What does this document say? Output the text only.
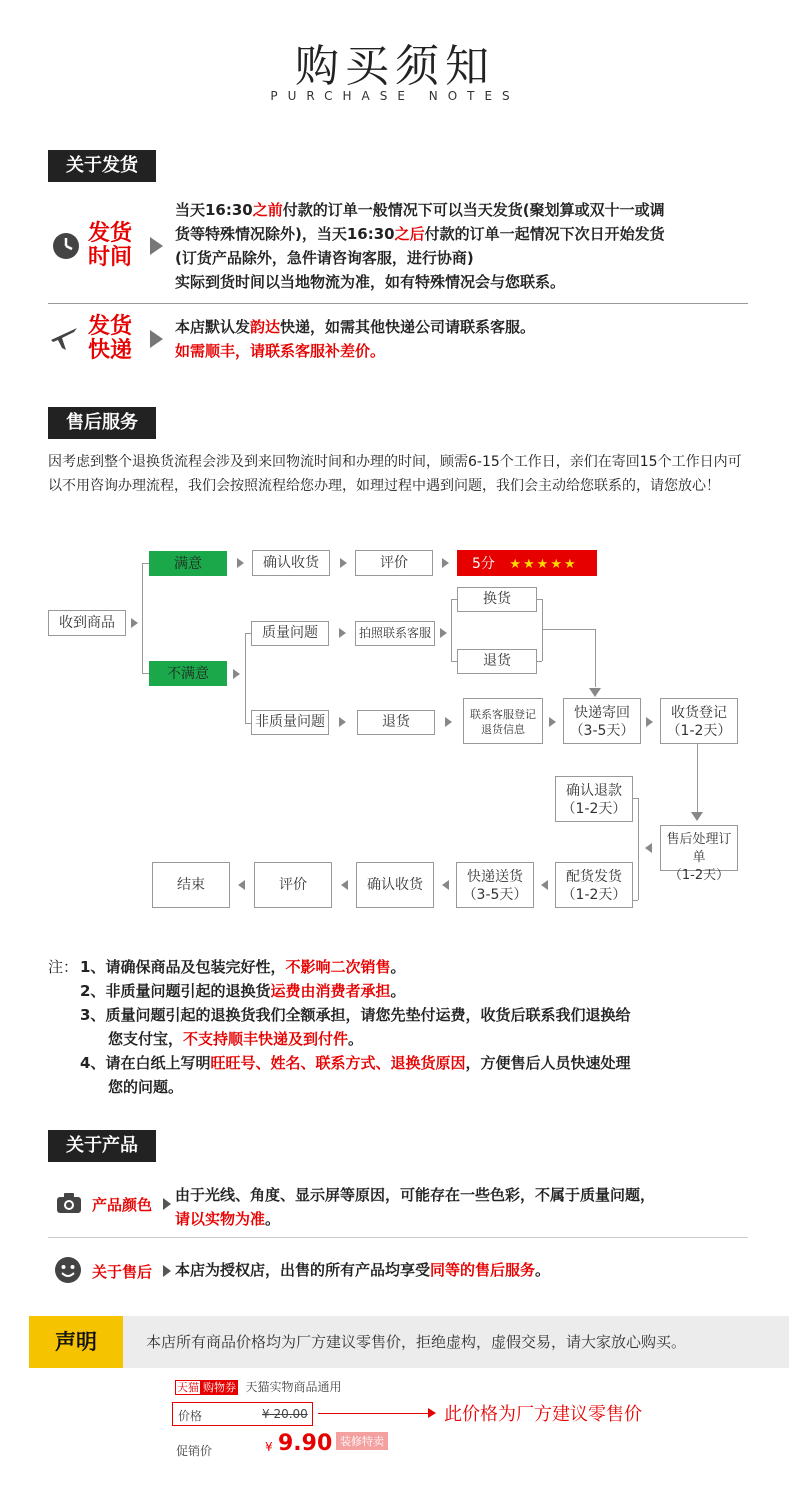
购买须知
PURCHASE NOTES
关于发货
发货时间
当天16:30之前付款的订单一般情况下可以当天发货(聚划算或双十一或调
货等特殊情况除外)，当天16:30之后付款的订单一起情况下次日开始发货
(订货产品除外，急件请咨询客服，进行协商)
实际到货时间以当地物流为准，如有特殊情况会与您联系。
发货快递
本店默认发韵达快递，如需其他快递公司请联系客服。
如需顺丰，请联系客服补差价。
售后服务
因考虑到整个退换货流程会涉及到来回物流时间和办理的时间，顾需6-15个工作日，亲们在寄回15个工作日内可以不用咨询办理流程，我们会按照流程给您办理，如理过程中遇到问题，我们会主动给您联系的，请您放心！
收到商品
满意	确认收货	评价	5分 ★★★★★
不满意
质量问题	拍照联系客服
换货
退货
非质量问题	退货	联系客服登记
退货信息
快递寄回
（3-5天）
收货登记
（1-2天）
售后处理订单
（1-2天）
确认退款
（1-2天）
配货发货
（1-2天）
快递送货
（3-5天）
确认收货
评价
结束
注： 1、请确保商品及包装完好性，不影响二次销售。
2、非质量问题引起的退换货运费由消费者承担。
3、质量问题引起的退换货我们全额承担，请您先垫付运费，收货后联系我们退换给
您支付宝，不支持顺丰快递及到付件。
4、请在白纸上写明旺旺号、姓名、联系方式、退换货原因，方便售后人员快速处理
您的问题。
关于产品
产品颜色
由于光线、角度、显示屏等原因，可能存在一些色彩，不属于质量问题，
请以实物为准。
关于售后 本店为授权店，出售的所有产品均享受同等的售后服务。
声明	本店所有商品价格均为厂方建议零售价，拒绝虚构，虚假交易，请大家放心购买。
天猫 购物券 天猫实物商品通用
价格	¥ 20.00	此价格为厂方建议零售价
促销价	¥ 9.90 装修特卖
